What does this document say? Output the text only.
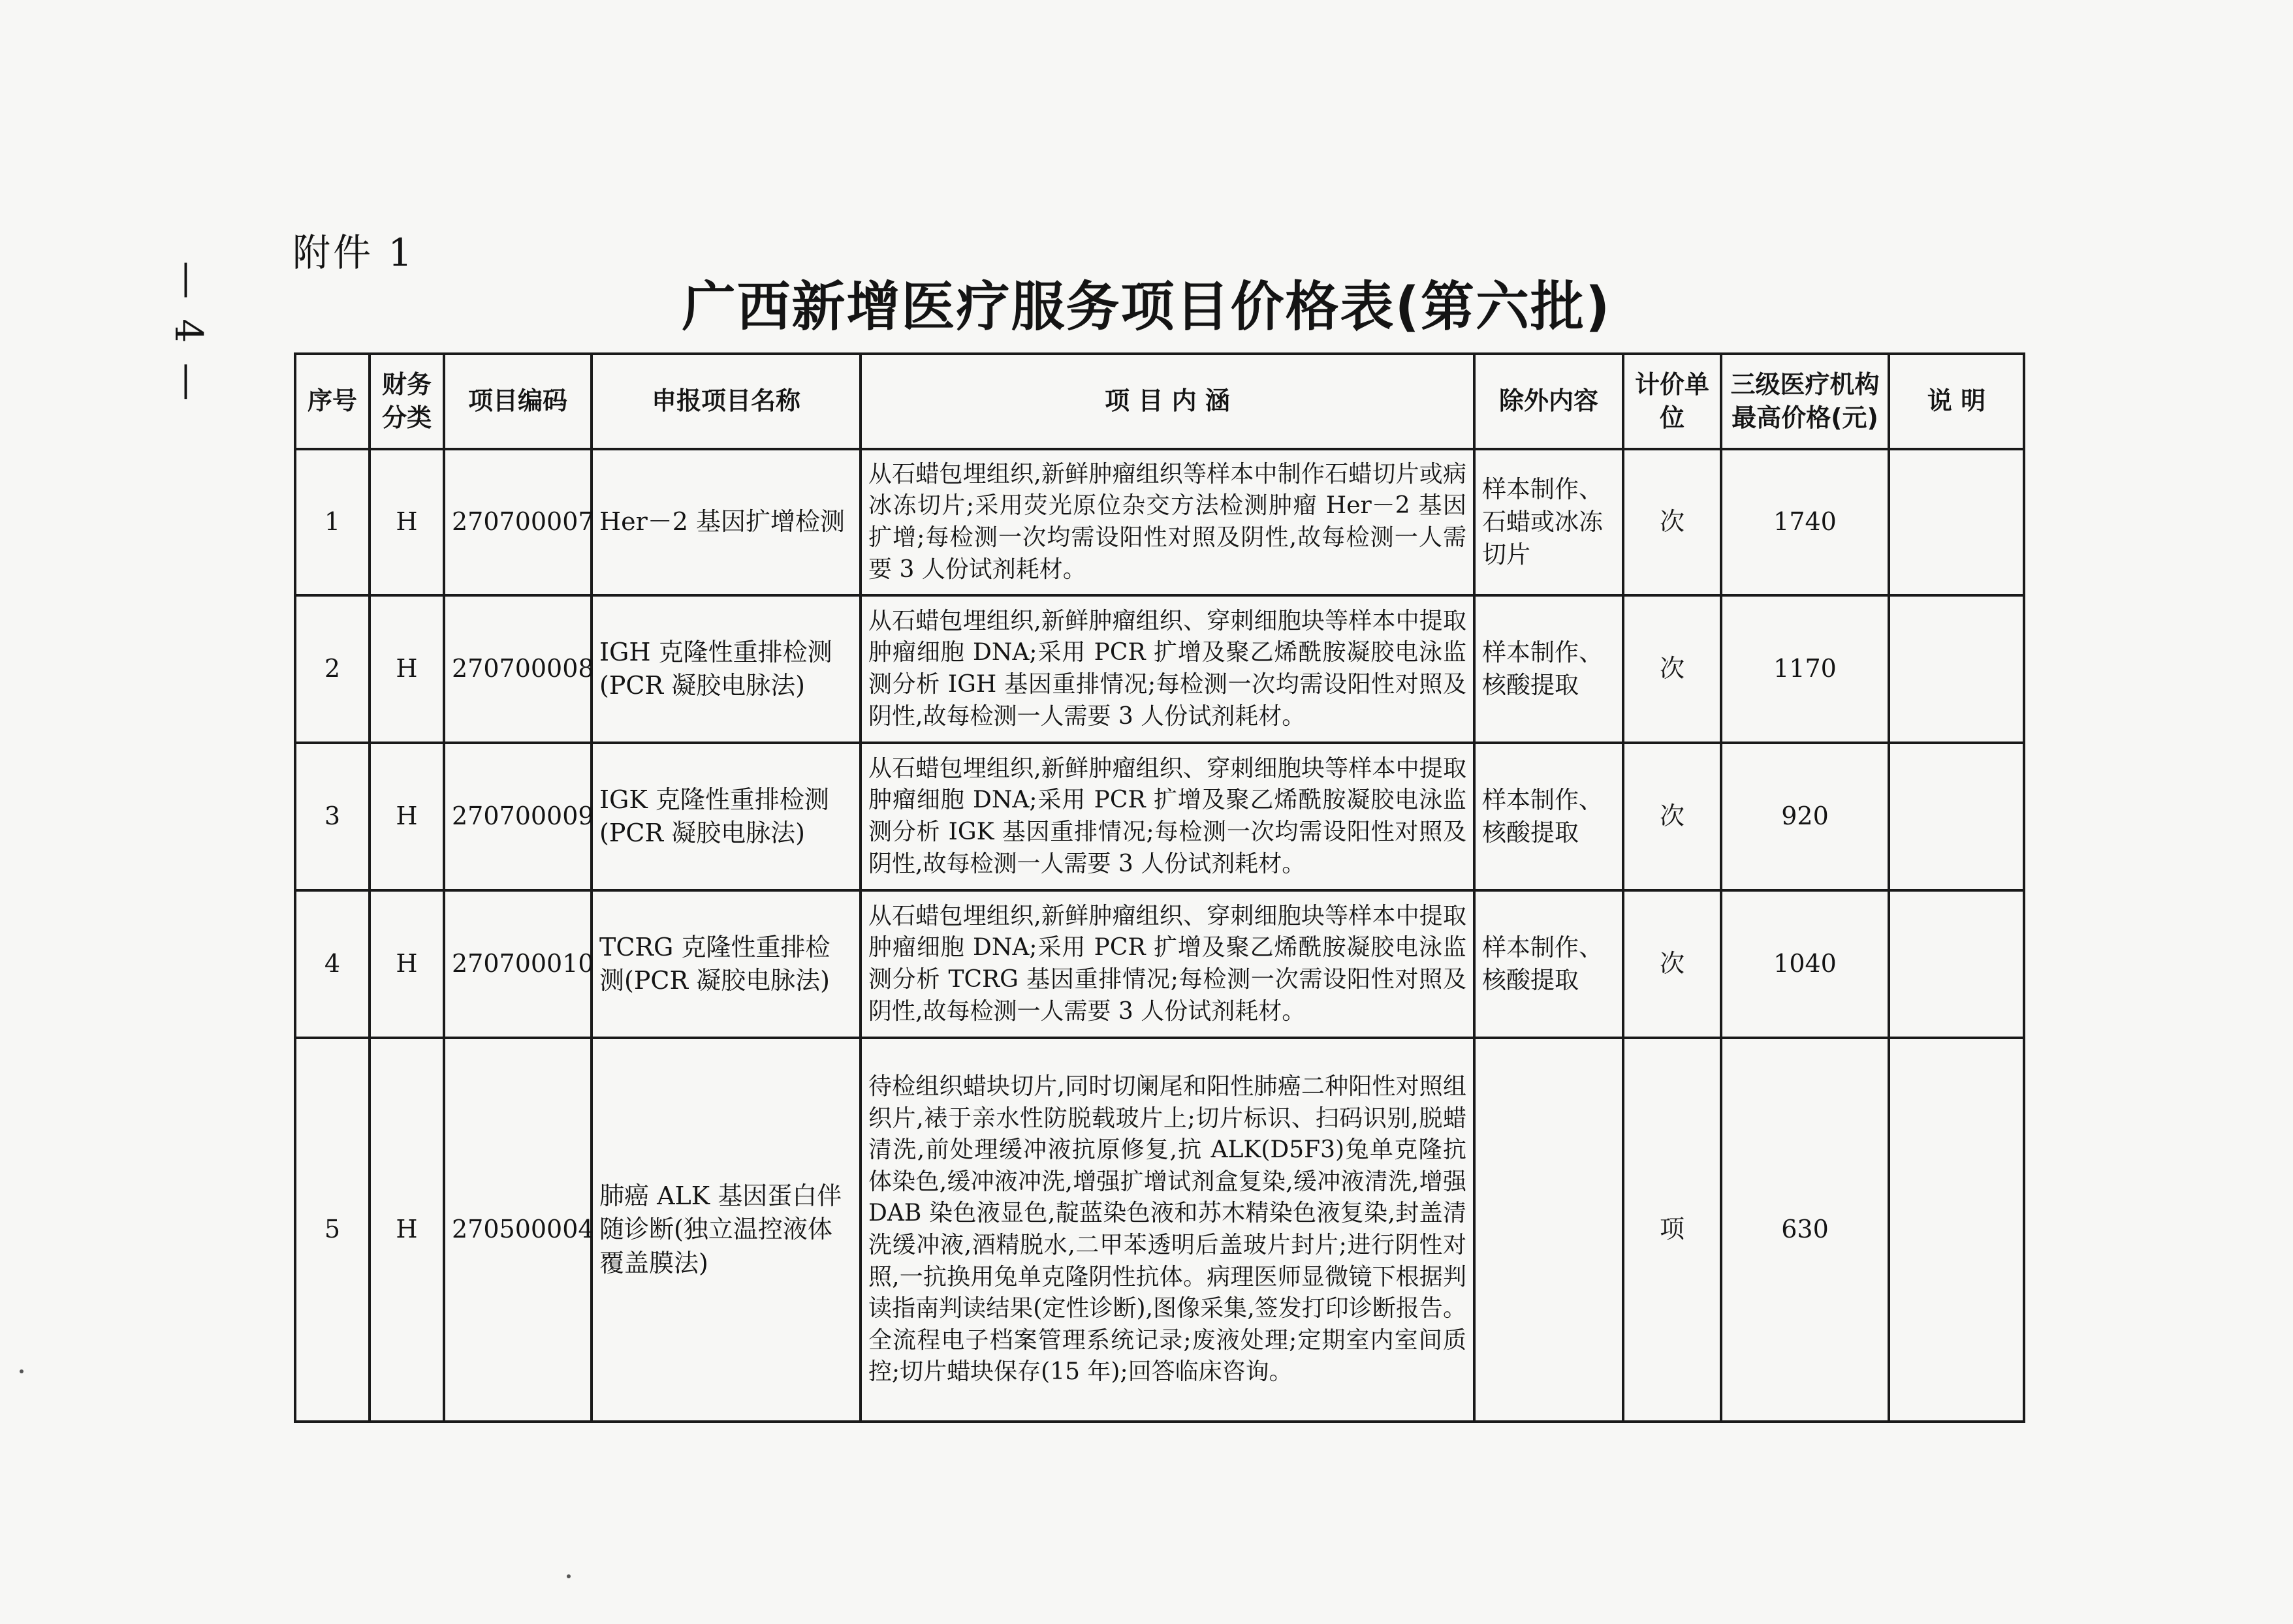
— 4 —
附件 1
广西新增医疗服务项目价格表(第六批)
序号	财务分类	项目编码	申报项目名称	项 目 内 涵	除外内容	计价单位	三级医疗机构最高价格(元)	说 明
1	H	270700007	Her－2 基因扩增检测	从石蜡包埋组织,新鲜肿瘤组织等样本中制作石蜡切片或病冰冻切片;采用荧光原位杂交方法检测肿瘤 Her－2 基因扩增;每检测一次均需设阳性对照及阴性,故每检测一人需要 3 人份试剂耗材。	样本制作、石蜡或冰冻切片	次	1740	
2	H	270700008	IGH 克隆性重排检测(PCR 凝胶电脉法)	从石蜡包埋组织,新鲜肿瘤组织、穿刺细胞块等样本中提取肿瘤细胞 DNA;采用 PCR 扩增及聚乙烯酰胺凝胶电泳监测分析 IGH 基因重排情况;每检测一次均需设阳性对照及阴性,故每检测一人需要 3 人份试剂耗材。	样本制作、核酸提取	次	1170	
3	H	270700009	IGK 克隆性重排检测(PCR 凝胶电脉法)	从石蜡包埋组织,新鲜肿瘤组织、穿刺细胞块等样本中提取肿瘤细胞 DNA;采用 PCR 扩增及聚乙烯酰胺凝胶电泳监测分析 IGK 基因重排情况;每检测一次均需设阳性对照及阴性,故每检测一人需要 3 人份试剂耗材。	样本制作、核酸提取	次	920	
4	H	270700010	TCRG 克隆性重排检测(PCR 凝胶电脉法)	从石蜡包埋组织,新鲜肿瘤组织、穿刺细胞块等样本中提取肿瘤细胞 DNA;采用 PCR 扩增及聚乙烯酰胺凝胶电泳监测分析 TCRG 基因重排情况;每检测一次需设阳性对照及阴性,故每检测一人需要 3 人份试剂耗材。	样本制作、核酸提取	次	1040	
5	H	270500004	肺癌 ALK 基因蛋白伴随诊断(独立温控液体覆盖膜法)	待检组织蜡块切片,同时切阑尾和阳性肺癌二种阳性对照组织片,裱于亲水性防脱载玻片上;切片标识、扫码识别,脱蜡清洗,前处理缓冲液抗原修复,抗 ALK(D5F3)兔单克隆抗体染色,缓冲液冲洗,增强扩增试剂盒复染,缓冲液清洗,增强 DAB 染色液显色,靛蓝染色液和苏木精染色液复染,封盖清洗缓冲液,酒精脱水,二甲苯透明后盖玻片封片;进行阴性对照,一抗换用兔单克隆阴性抗体。病理医师显微镜下根据判读指南判读结果(定性诊断),图像采集,签发打印诊断报告。全流程电子档案管理系统记录;废液处理;定期室内室间质控;切片蜡块保存(15 年);回答临床咨询。		项	630	
